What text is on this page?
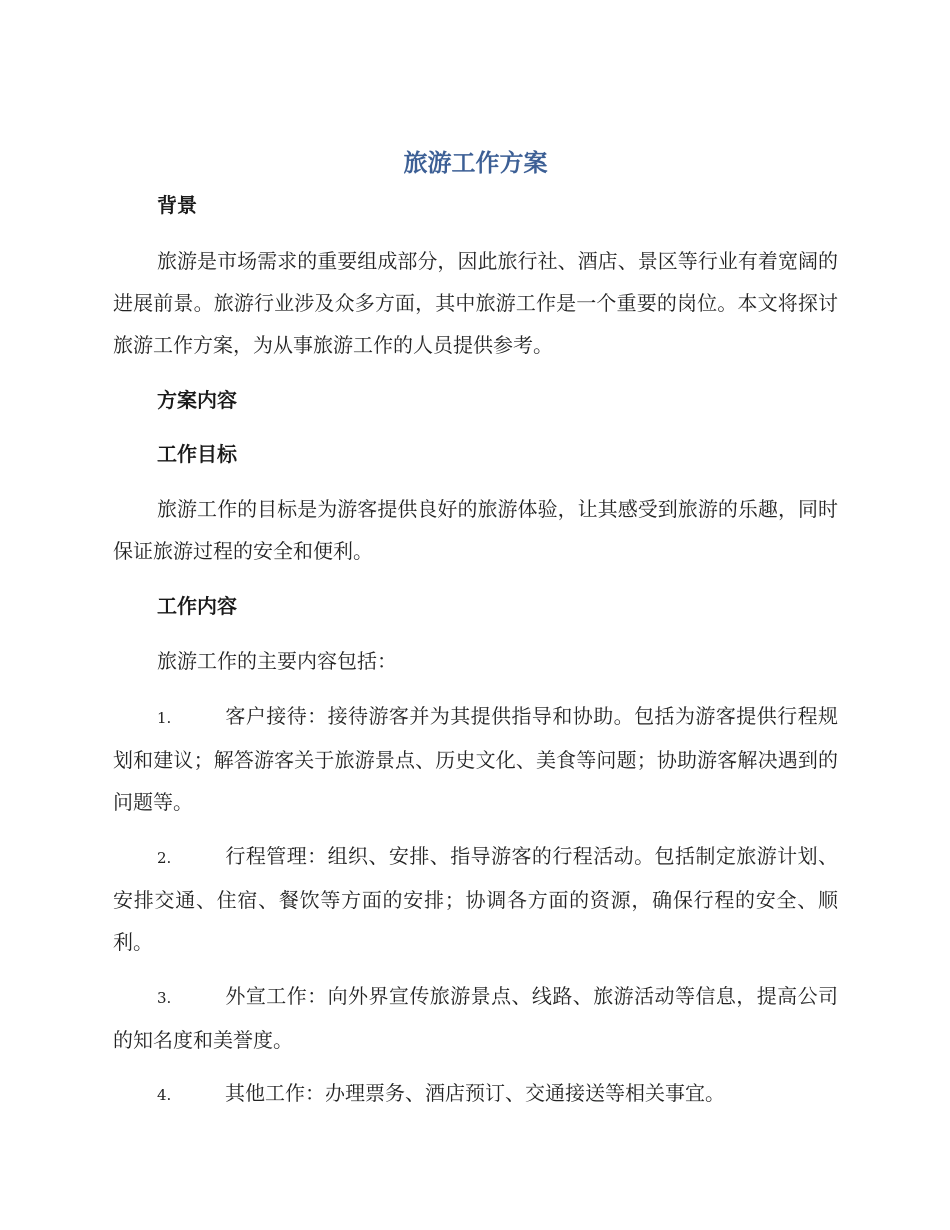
旅游工作方案
背景

旅游是市场需求的重要组成部分，因此旅行社、酒店、景区等行业有着宽阔的进展前景。旅游行业涉及众多方面，其中旅游工作是一个重要的岗位。本文将探讨旅游工作方案，为从事旅游工作的人员提供参考。

方案内容
工作目标

旅游工作的目标是为游客提供良好的旅游体验，让其感受到旅游的乐趣，同时保证旅游过程的安全和便利。

工作内容

旅游工作的主要内容包括：

1.	客户接待：接待游客并为其提供指导和协助。包括为游客提供行程规划和建议；解答游客关于旅游景点、历史文化、美食等问题；协助游客解决遇到的问题等。

2.	行程管理：组织、安排、指导游客的行程活动。包括制定旅游计划、安排交通、住宿、餐饮等方面的安排；协调各方面的资源，确保行程的安全、顺利。

3.	外宣工作：向外界宣传旅游景点、线路、旅游活动等信息，提高公司的知名度和美誉度。

4.	其他工作：办理票务、酒店预订、交通接送等相关事宜。
